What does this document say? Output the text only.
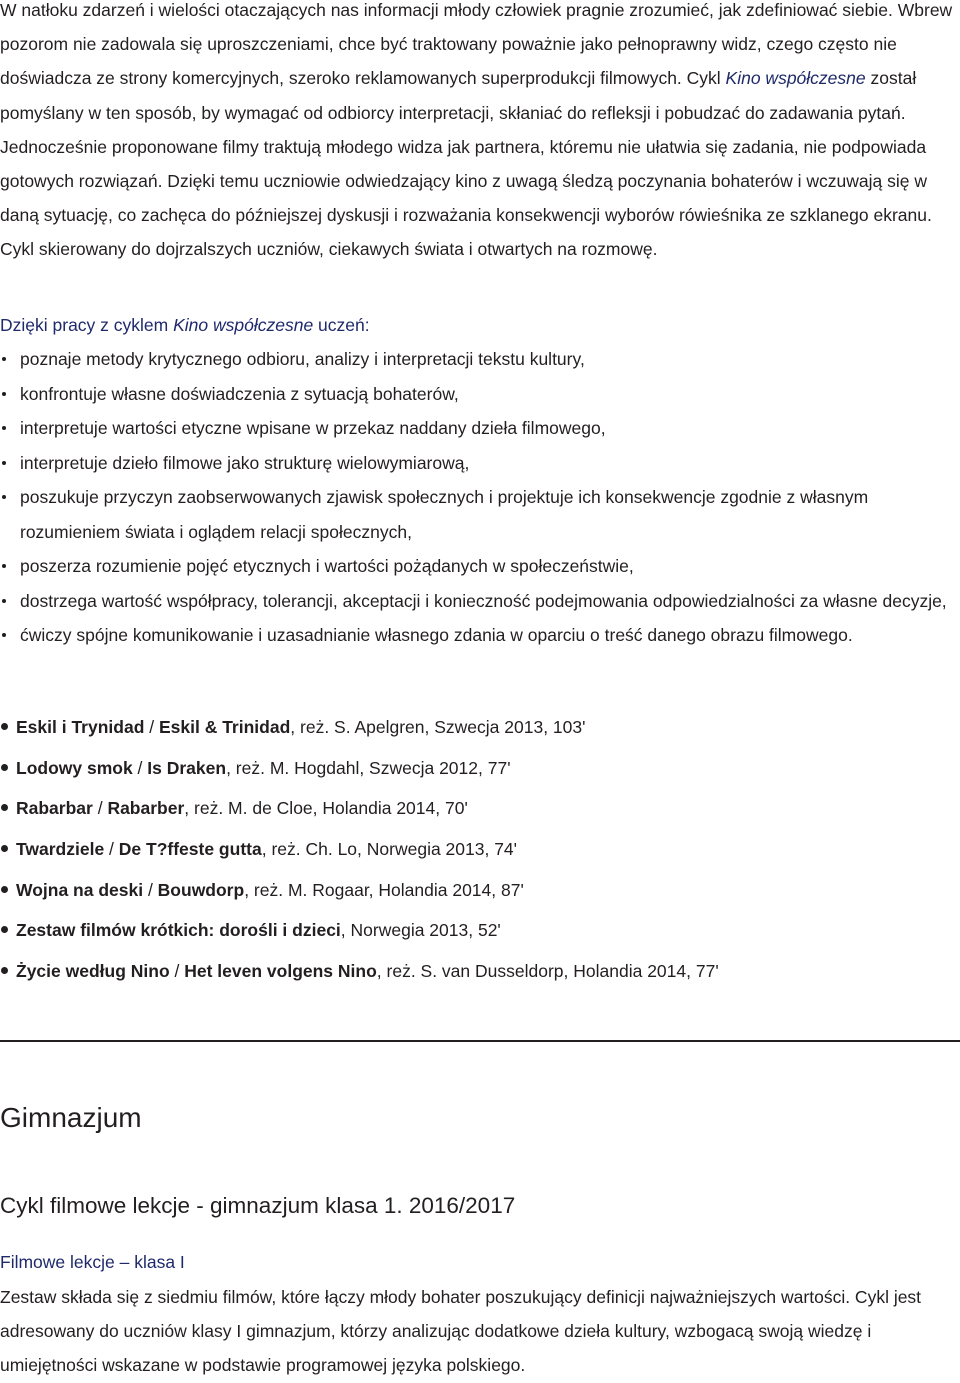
W natłoku zdarzeń i wielości otaczających nas informacji młody człowiek pragnie zrozumieć, jak zdefiniować siebie. Wbrew pozorom nie zadowala się uproszczeniami, chce być traktowany poważnie jako pełnoprawny widz, czego często nie doświadcza ze strony komercyjnych, szeroko reklamowanych superprodukcji filmowych. Cykl Kino współczesne został pomyślany w ten sposób, by wymagać od odbiorcy interpretacji, skłaniać do refleksji i pobudzać do zadawania pytań. Jednocześnie proponowane filmy traktują młodego widza jak partnera, któremu nie ułatwia się zadania, nie podpowiada gotowych rozwiązań. Dzięki temu uczniowie odwiedzający kino z uwagą śledzą poczynania bohaterów i wczuwają się w daną sytuację, co zachęca do późniejszej dyskusji i rozważania konsekwencji wyborów rówieśnika ze szklanego ekranu. Cykl skierowany do dojrzalszych uczniów, ciekawych świata i otwartych na rozmowę.

Dzięki pracy z cyklem Kino współczesne uczeń:
poznaje metody krytycznego odbioru, analizy i interpretacji tekstu kultury,
konfrontuje własne doświadczenia z sytuacją bohaterów,
interpretuje wartości etyczne wpisane w przekaz naddany dzieła filmowego,
interpretuje dzieło filmowe jako strukturę wielowymiarową,
poszukuje przyczyn zaobserwowanych zjawisk społecznych i projektuje ich konsekwencje zgodnie z własnym rozumieniem świata i oglądem relacji społecznych,
poszerza rozumienie pojęć etycznych i wartości pożądanych w społeczeństwie,
dostrzega wartość współpracy, tolerancji, akceptacji i konieczność podejmowania odpowiedzialności za własne decyzje,
ćwiczy spójne komunikowanie i uzasadnianie własnego zdania w oparciu o treść danego obrazu filmowego.
Eskil i Trynidad / Eskil & Trinidad, reż. S. Apelgren, Szwecja 2013, 103'
Lodowy smok / Is Draken, reż. M. Hogdahl, Szwecja 2012, 77'
Rabarbar / Rabarber, reż. M. de Cloe, Holandia 2014, 70'
Twardziele / De T?ffeste gutta, reż. Ch. Lo, Norwegia 2013, 74'
Wojna na deski / Bouwdorp, reż. M. Rogaar, Holandia 2014, 87'
Zestaw filmów krótkich: dorośli i dzieci, Norwegia 2013, 52'
Życie według Nino / Het leven volgens Nino, reż. S. van Dusseldorp, Holandia 2014, 77'
Gimnazjum
Cykl filmowe lekcje - gimnazjum klasa 1. 2016/2017
Filmowe lekcje – klasa I

Zestaw składa się z siedmiu filmów, które łączy młody bohater poszukujący definicji najważniejszych wartości. Cykl jest adresowany do uczniów klasy I gimnazjum, którzy analizując dodatkowe dzieła kultury, wzbogacą swoją wiedzę i umiejętności wskazane w podstawie programowej języka polskiego.
